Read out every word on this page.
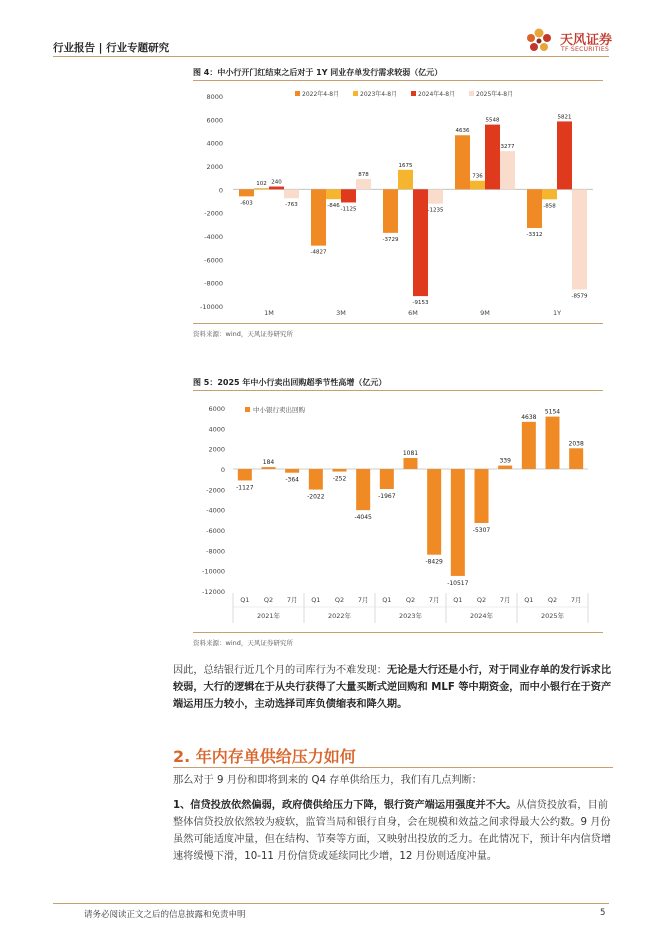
行业报告 | 行业专题研究	天风证券
TF SECURITIES
图 4：中小行开门红结束之后对于 1Y 同业存单发行需求较弱（亿元）
8000
6000
4000
2000
0
-2000
-4000
-6000
-8000
-10000
-603
102 240
-763
1M
-4827
-846
-1125
878
3M
-3729
1675
-9153
-1235
6M
4636
736
5548
3277
9M
-3312
-858
5821
-8579
1Y
2022年4-8月	2023年4-8月	2024年4-8月	2025年4-8月
资料来源：wind，天风证券研究所
图 5：2025 年中小行卖出回购超季节性高增（亿元）
6000
4000
2000
0
-2000
-4000
-6000
-8000
-10000
-12000
-1127
Q1
184
Q2
-364
7月
-2022
Q1
-252
Q2
-4045
7月
-1967
Q1
1081
Q2
-8429
7月
-10517
Q1
-5307
Q2
339
7月
4638
Q1
5154
Q2
2038
7月
2021年	2022年	2023年	2024年	2025年
中小银行卖出回购
资料来源：wind，天风证券研究所
因此，总结银行近几个月的司库行为不难发现：无论是大行还是小行，对于同业存单的发行诉求比较弱，大行的逻辑在于从央行获得了大量买断式逆回购和 MLF 等中期资金，而中小银行在于资产端运用压力较小，主动选择司库负债缩表和降久期。
2. 年内存单供给压力如何
那么对于 9 月份和即将到来的 Q4 存单供给压力，我们有几点判断：
1、信贷投放依然偏弱，政府债供给压力下降，银行资产端运用强度并不大。从信贷投放看，目前整体信贷投放依然较为疲软，监管当局和银行自身，会在规模和效益之间求得最大公约数。9 月份虽然可能适度冲量，但在结构、节奏等方面，又映射出投放的乏力。在此情况下，预计年内信贷增速将缓慢下滑，10-11 月份信贷或延续同比少增，12 月份则适度冲量。
请务必阅读正文之后的信息披露和免责申明	5
